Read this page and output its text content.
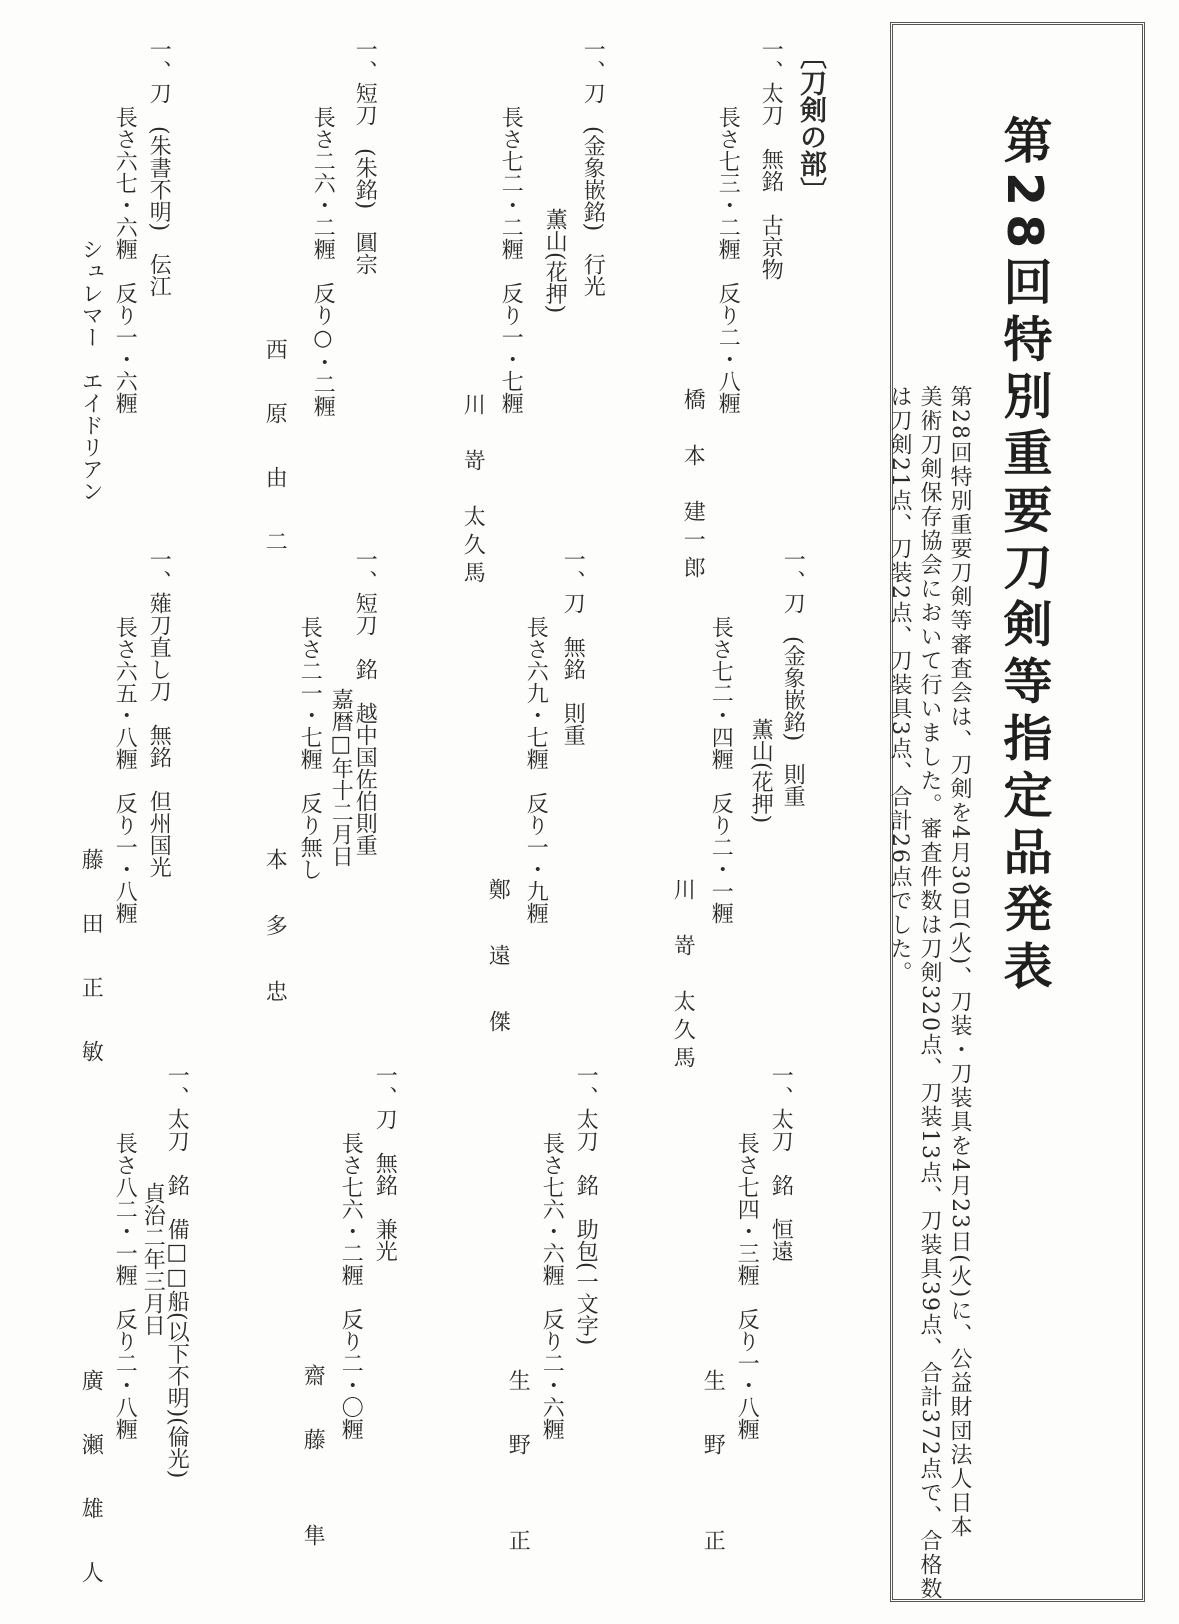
第28回特別重要刀剣等指定品発表
第28回特別重要刀剣等審査会は、刀剣を4月30日(火)、刀装・刀装具を4月23日(火)に、公益財団法人日本
美術刀剣保存協会において行いました。審査件数は刀剣320点、刀装13点、刀装具39点、合計372点で、合格数
は刀剣21点、刀装2点、刀装具3点、合計26点でした。
〔刀剣の部〕
一、太刀　無銘　古京物
長さ七三・二糎　反り二・八糎
橋　本　建一郎
一、刀　(金象嵌銘)　行光
薫山(花押)
長さ七二・二糎　反り一・七糎
川　嵜　太久馬
一、短刀　(朱銘)　圓宗
長さ二六・二糎　反り○・二糎
西　原　由　二
一、刀　(朱書不明)　伝江
長さ六七・六糎　反り一・六糎
シュレマー　エイドリアン
一、刀　(金象嵌銘)　則重
薫山(花押)
長さ七二・四糎　反り二・一糎
川　嵜　太久馬
一、刀　無銘　則重
長さ六九・七糎　反り一・九糎
鄭　　遠　　傑
一、短刀　銘　越中国佐伯則重
嘉暦□年十二月日
長さ二一・七糎　反り無し
本　　多　　忠
一、薙刀直し刀　無銘　但州国光
長さ六五・八糎　反り一・八糎
藤　田　正　敏
一、太刀　銘　恒遠
長さ七四・三糎　反り一・八糎
生　野　　正
一、太刀　銘　助包(一文字)
長さ七六・六糎　反り二・六糎
生　野　　正
一、刀　無銘　兼光
長さ七六・二糎　反り二・〇糎
齋　藤　　隼
一、太刀　銘　備□□船(以下不明)(倫光)
貞治二年三月日
長さ八二・一糎　反り二・八糎
廣　瀬　雄　人
